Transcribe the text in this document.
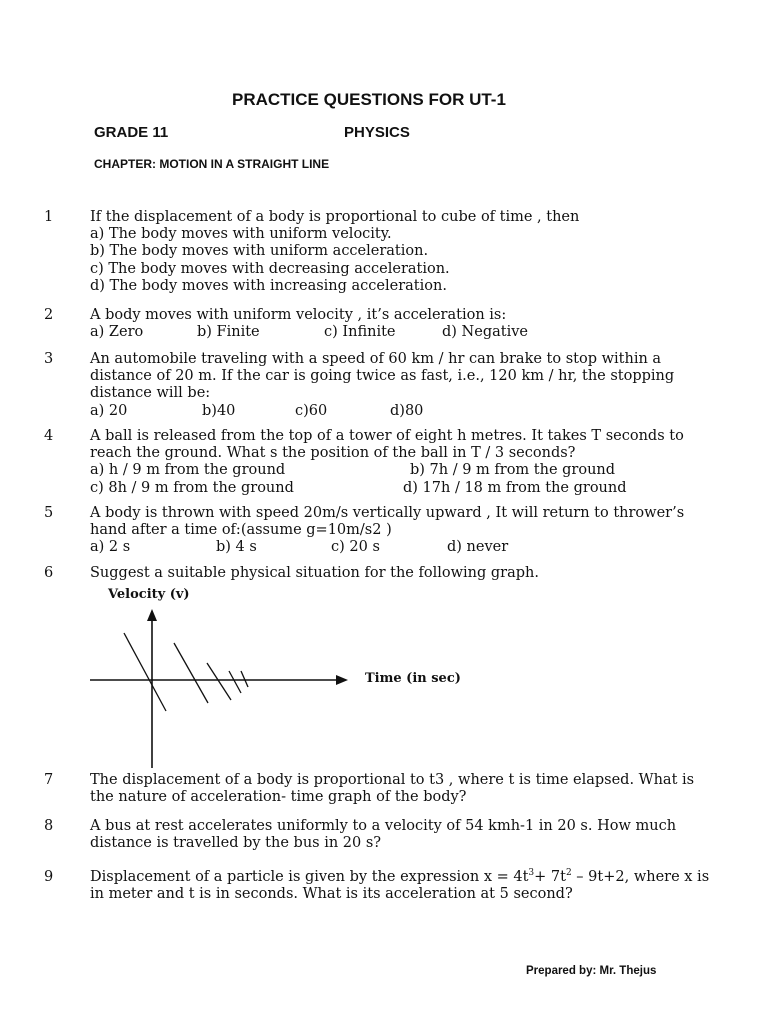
PRACTICE QUESTIONS FOR UT-1
GRADE 11	PHYSICS
CHAPTER: MOTION IN A STRAIGHT LINE
1	If the displacement of a body is proportional to cube of time , then
a) The body moves with uniform velocity.
b) The body moves with uniform acceleration.
c) The body moves with decreasing acceleration.
d) The body moves with increasing acceleration.
2	A body moves with uniform velocity , it’s acceleration is:
a) Zero	b) Finite	c) Infinite	d) Negative
3	An automobile traveling with a speed of 60 km / hr can brake to stop within a
distance of 20 m. If the car is going twice as fast, i.e., 120 km / hr, the stopping
distance will be:
a) 20	b)40	c)60	d)80
4	A ball is released from the top of a tower of eight h metres. It takes T seconds to
reach the ground. What s the position of the ball in T / 3 seconds?
a) h / 9 m from the ground	b) 7h / 9 m from the ground
c) 8h / 9 m from the ground	d) 17h / 18 m from the ground
5	A body is thrown with speed 20m/s vertically upward , It will return to thrower’s
hand after a time of:(assume g=10m/s2 )
a) 2 s	b) 4 s	c) 20 s	d) never
6	Suggest a suitable physical situation for the following graph.
Velocity (v)
Time (in sec)
7	The displacement of a body is proportional to t3 , where t is time elapsed. What is
the nature of acceleration- time graph of the body?
8	A bus at rest accelerates uniformly to a velocity of 54 kmh-1 in 20 s. How much
distance is travelled by the bus in 20 s?
9	Displacement of a particle is given by the expression $x = 4t^3+ 7t^2 - 9t+2$, where x is
in meter and t is in seconds. What is its acceleration at 5 second?
Prepared by: Mr. Thejus
